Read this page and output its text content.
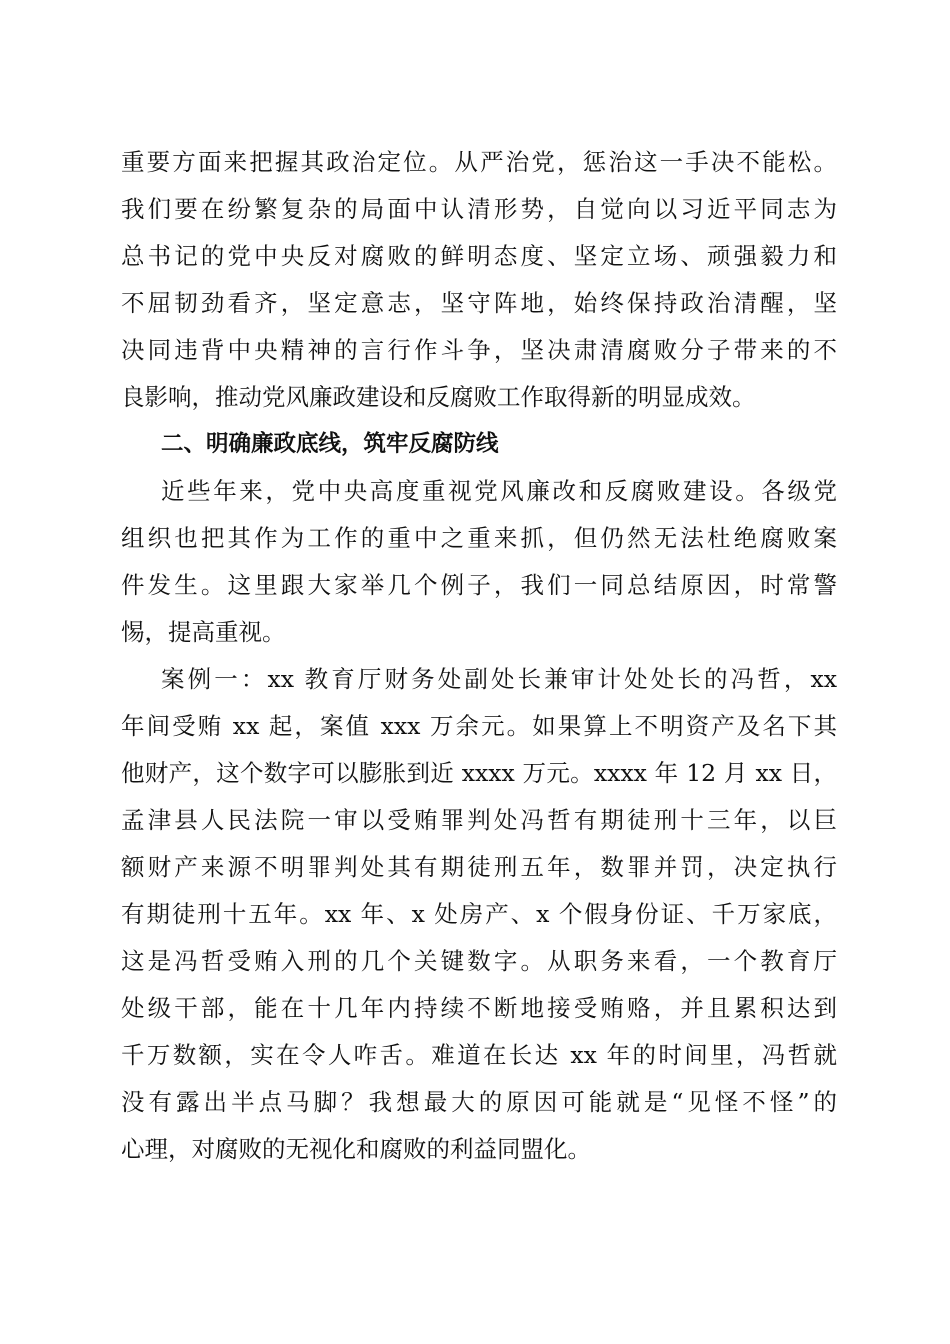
重要方面来把握其政治定位。从严治党，惩治这一手决不能松。
我们要在纷繁复杂的局面中认清形势，自觉向以习近平同志为
总书记的党中央反对腐败的鲜明态度、坚定立场、顽强毅力和
不屈韧劲看齐，坚定意志，坚守阵地，始终保持政治清醒，坚
决同违背中央精神的言行作斗争，坚决肃清腐败分子带来的不
良影响，推动党风廉政建设和反腐败工作取得新的明显成效。
二、明确廉政底线，筑牢反腐防线
近些年来，党中央高度重视党风廉改和反腐败建设。各级党
组织也把其作为工作的重中之重来抓，但仍然无法杜绝腐败案
件发生。这里跟大家举几个例子，我们一同总结原因，时常警
惕，提高重视。
案例一：xx 教育厅财务处副处长兼审计处处长的冯哲，xx
年间受贿 xx 起，案值 xxx 万余元。如果算上不明资产及名下其
他财产，这个数字可以膨胀到近 xxxx 万元。xxxx 年 12 月 xx 日，
孟津县人民法院一审以受贿罪判处冯哲有期徒刑十三年，以巨
额财产来源不明罪判处其有期徒刑五年，数罪并罚，决定执行
有期徒刑十五年。xx 年、x 处房产、x 个假身份证、千万家底，
这是冯哲受贿入刑的几个关键数字。从职务来看，一个教育厅
处级干部，能在十几年内持续不断地接受贿赂，并且累积达到
千万数额，实在令人咋舌。难道在长达 xx 年的时间里，冯哲就
没有露出半点马脚？我想最大的原因可能就是“见怪不怪”的
心理，对腐败的无视化和腐败的利益同盟化。
